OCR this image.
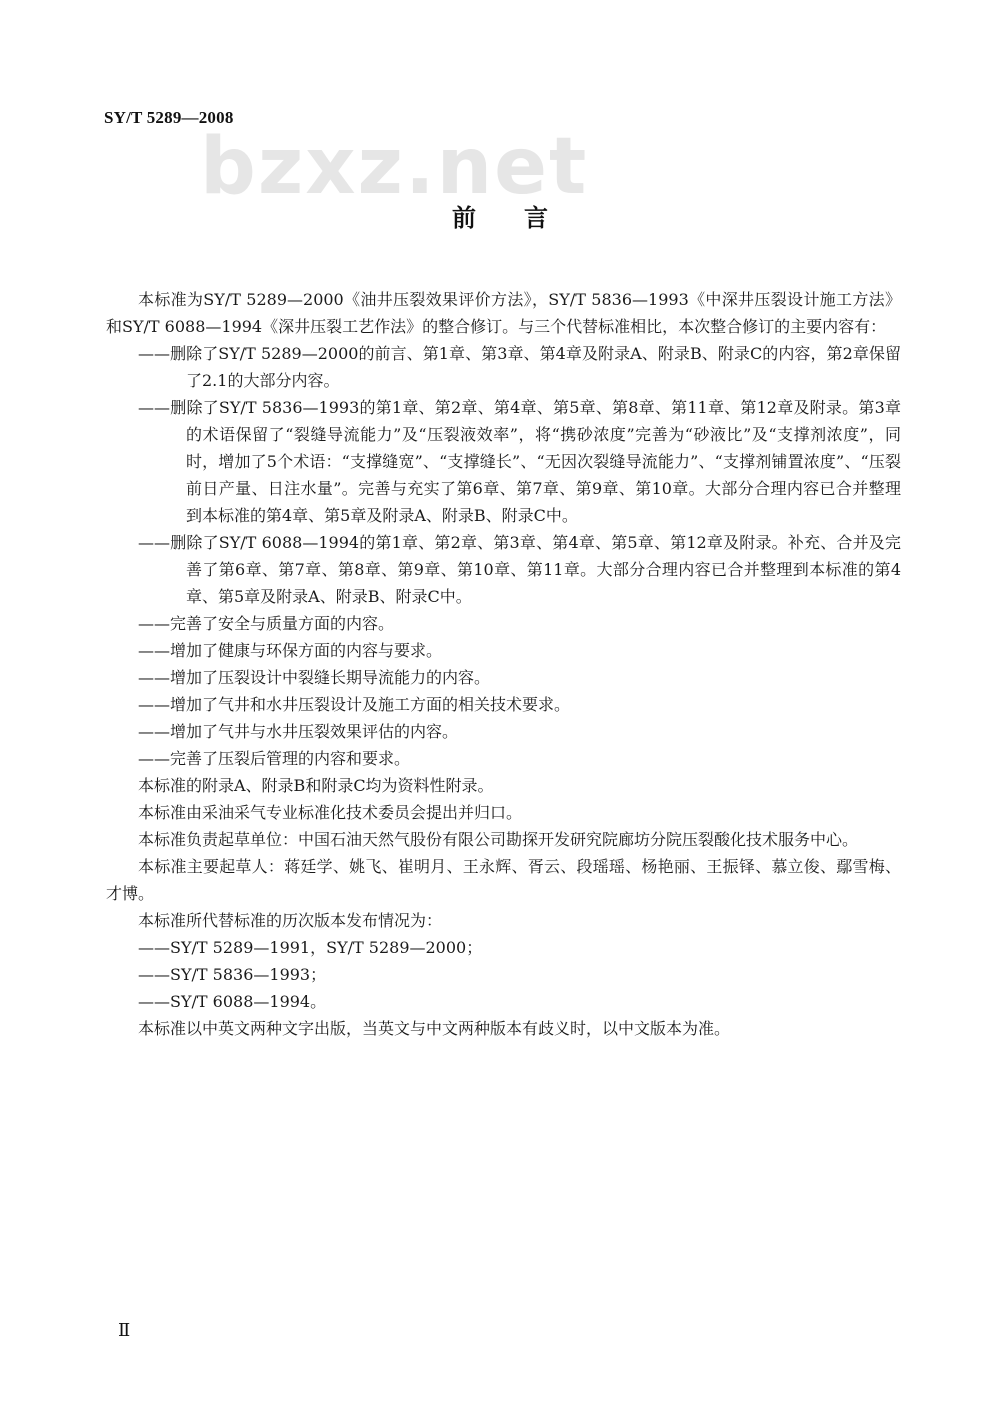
SY/T 5289—2008
bzxz.net
前言

本标准为SY/T 5289—2000《油井压裂效果评价方法》，SY/T 5836—1993《中深井压裂设计施工方法》和SY/T 6088—1994《深井压裂工艺作法》的整合修订。与三个代替标准相比，本次整合修订的主要内容有：

——删除了SY/T 5289—2000的前言、第1章、第3章、第4章及附录A、附录B、附录C的内容，第2章保留了2.1的大部分内容。

——删除了SY/T 5836—1993的第1章、第2章、第4章、第5章、第8章、第11章、第12章及附录。第3章的术语保留了“裂缝导流能力”及“压裂液效率”，将“携砂浓度”完善为“砂液比”及“支撑剂浓度”，同时，增加了5个术语：“支撑缝宽”、“支撑缝长”、“无因次裂缝导流能力”、“支撑剂铺置浓度”、“压裂前日产量、日注水量”。完善与充实了第6章、第7章、第9章、第10章。大部分合理内容已合并整理到本标准的第4章、第5章及附录A、附录B、附录C中。

——删除了SY/T 6088—1994的第1章、第2章、第3章、第4章、第5章、第12章及附录。补充、合并及完善了第6章、第7章、第8章、第9章、第10章、第11章。大部分合理内容已合并整理到本标准的第4章、第5章及附录A、附录B、附录C中。

——完善了安全与质量方面的内容。

——增加了健康与环保方面的内容与要求。

——增加了压裂设计中裂缝长期导流能力的内容。

——增加了气井和水井压裂设计及施工方面的相关技术要求。

——增加了气井与水井压裂效果评估的内容。

——完善了压裂后管理的内容和要求。

本标准的附录A、附录B和附录C均为资料性附录。

本标准由采油采气专业标准化技术委员会提出并归口。

本标准负责起草单位：中国石油天然气股份有限公司勘探开发研究院廊坊分院压裂酸化技术服务中心。

本标准主要起草人：蒋廷学、姚飞、崔明月、王永辉、胥云、段瑶瑶、杨艳丽、王振铎、慕立俊、鄢雪梅、才博。

本标准所代替标准的历次版本发布情况为：

——SY/T 5289—1991，SY/T 5289—2000；

——SY/T 5836—1993；

——SY/T 6088—1994。

本标准以中英文两种文字出版，当英文与中文两种版本有歧义时，以中文版本为准。

Ⅱ
